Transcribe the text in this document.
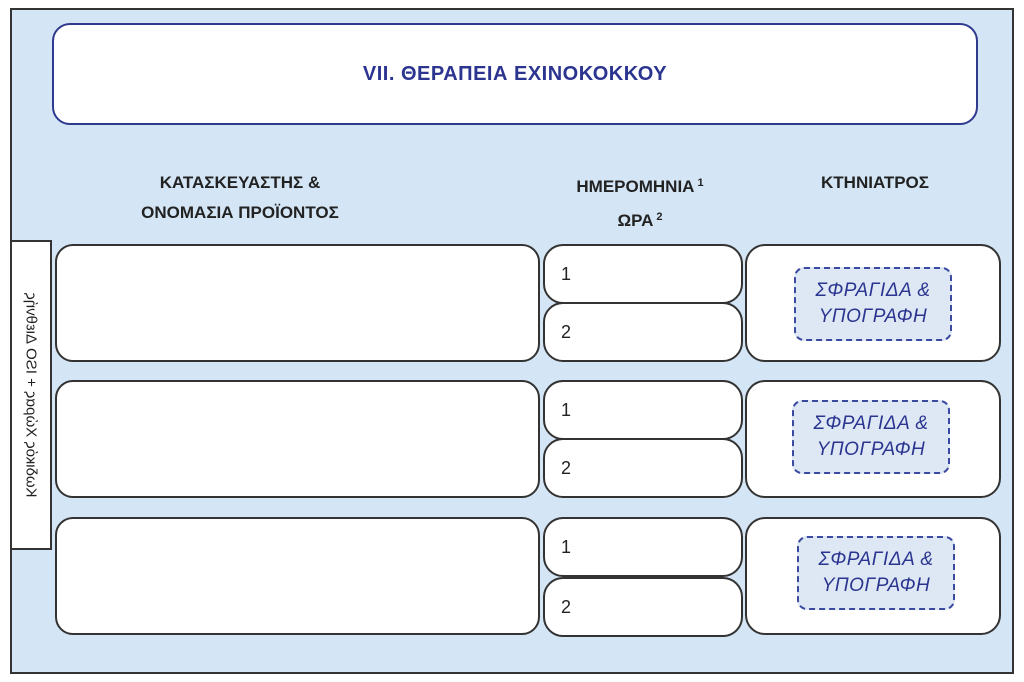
VII. ΘΕΡΑΠΕΙΑ ΕΧΙΝΟΚΟΚΚΟΥ
ΚΑΤΑΣΚΕΥΑΣΤΗΣ &
ΟΝΟΜΑΣΙΑ ΠΡΟΪΟΝΤΟΣ
ΗΜΕΡΟΜΗΝΙΑ $^1$
ΩΡΑ $^2$
ΚΤΗΝΙΑΤΡΟΣ
Κωδικός Χώρας + ISO Διεθνής
1
2
ΣΦΡΑΓΙΔΑ &
ΥΠΟΓΡΑΦΗ
1
2
ΣΦΡΑΓΙΔΑ &
ΥΠΟΓΡΑΦΗ
1
2
ΣΦΡΑΓΙΔΑ &
ΥΠΟΓΡΑΦΗ
